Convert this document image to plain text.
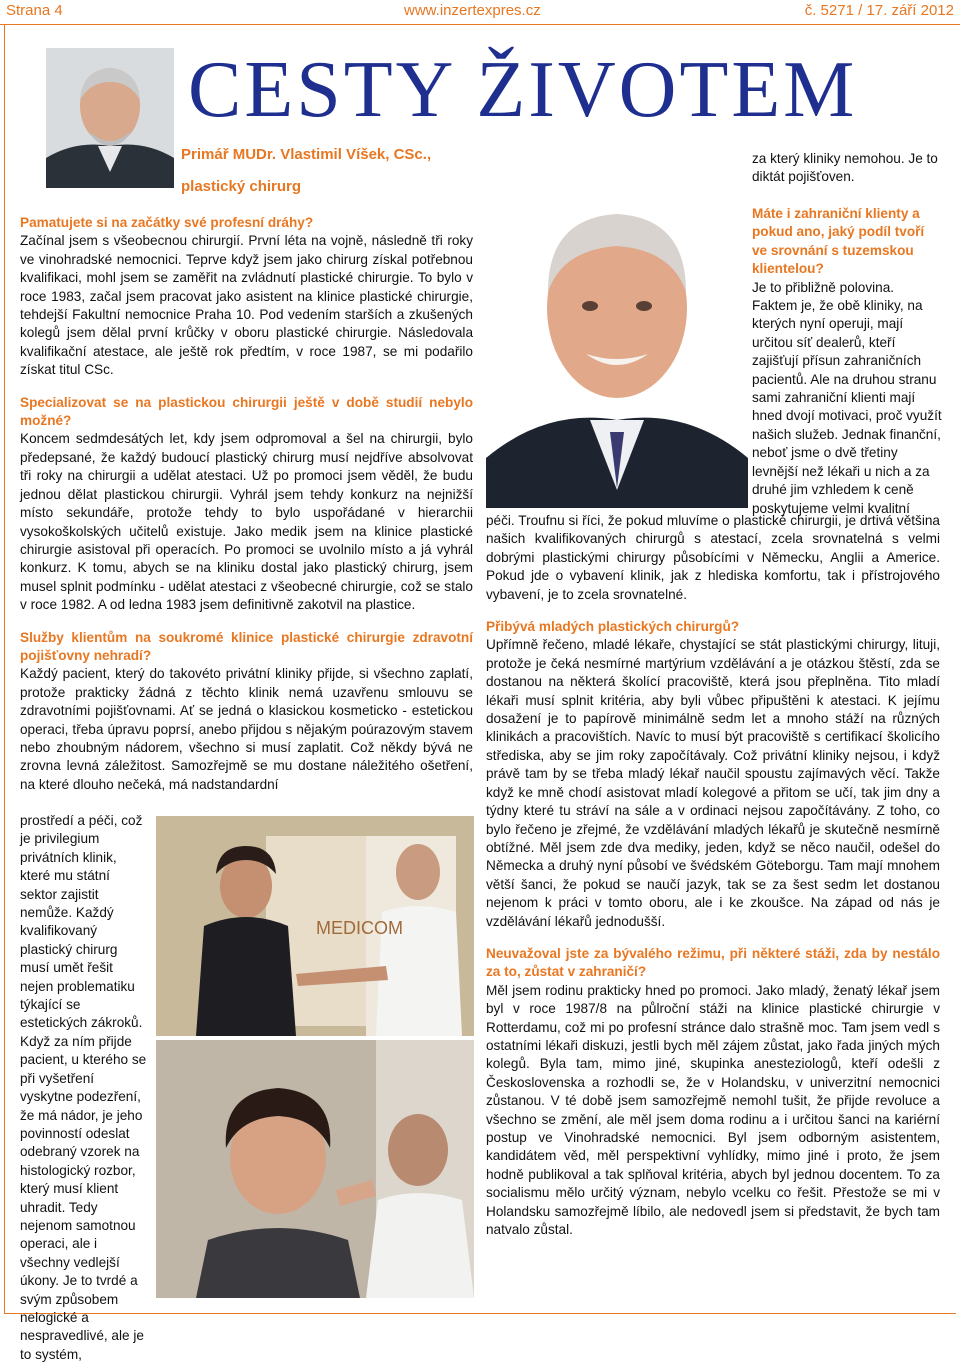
Strana 4	www.inzertexpres.cz	č. 5271 / 17. září 2012
CESTY ŽIVOTEM
Primář MUDr. Vlastimil Víšek, CSc.,
plastický chirurg

Pamatujete si na začátky své profesní dráhy?

Začínal jsem s všeobecnou chirurgií. První léta na vojně, následně tři roky ve vinohradské nemocnici. Teprve když jsem jako chirurg získal potřebnou kvalifikaci, mohl jsem se zaměřit na zvládnutí plastické chirurgie. To bylo v roce 1983, začal jsem pracovat jako asistent na klinice plastické chirurgie, tehdejší Fakultní nemocnice Praha 10. Pod vedením starších a zkušených kolegů jsem dělal první krůčky v oboru plastické chirurgie. Následovala kvalifikační atestace, ale ještě rok předtím, v roce 1987, se mi podařilo získat titul CSc.

Specializovat se na plastickou chirurgii ještě v době studií nebylo možné?

Koncem sedmdesátých let, kdy jsem odpromoval a šel na chirurgii, bylo předepsané, že každý budoucí plastický chirurg musí nejdříve absolvovat tři roky na chirurgii a udělat atestaci. Už po promoci jsem věděl, že budu jednou dělat plastickou chirurgii. Vyhrál jsem tehdy konkurz na nejnižší místo sekundáře, protože tehdy to bylo uspořádané v hierarchii vysokoškolských učitelů existuje. Jako medik jsem na klinice plastické chirurgie asistoval při operacích. Po promoci se uvolnilo místo a já vyhrál konkurz. K tomu, abych se na kliniku dostal jako plastický chirurg, jsem musel splnit podmínku - udělat atestaci z všeobecné chirurgie, což se stalo v roce 1982. A od ledna 1983 jsem definitivně zakotvil na plastice.

Služby klientům na soukromé klinice plastické chirurgie zdravotní pojišťovny nehradí?

Každý pacient, který do takovéto privátní kliniky přijde, si všechno zaplatí, protože prakticky žádná z těchto klinik nemá uzavřenu smlouvu se zdravotními pojišťovnami. Ať se jedná o klasickou kosmeticko - estetickou operaci, třeba úpravu poprsí, anebo přijdou s nějakým poúrazovým stavem nebo zhoubným nádorem, všechno si musí zaplatit. Což někdy bývá ne zrovna levná záležitost. Samozřejmě se mu dostane náležitého ošetření, na které dlouho nečeká, má nadstandardní

prostředí a péči, což je privilegium privátních klinik, které mu státní sektor zajistit nemůže. Každý kvalifikovaný plastický chirurg musí umět řešit nejen problematiku týkající se estetických zákroků. Když za ním přijde pacient, u kterého se při vyšetření vyskytne podezření, že má nádor, je jeho povinností odeslat odebraný vzorek na histologický rozbor, který musí klient uhradit. Tedy nejenom samotnou operaci, ale i všechny vedlejší úkony. Je to tvrdé a svým způsobem nelogické a nespravedlivé, ale je to systém,
MEDICOM
za který kliniky nemohou. Je to diktát pojišťoven.

Máte i zahraniční klienty a pokud ano, jaký podíl tvoří ve srovnání s tuzemskou klientelou?

Je to přibližně polovina. Faktem je, že obě kliniky, na kterých nyní operuji, mají určitou síť dealerů, kteří zajišťují přísun zahraničních pacientů. Ale na druhou stranu sami zahraniční klienti mají hned dvojí motivaci, proč využít našich služeb. Jednak finanční, neboť jsme o dvě třetiny levnější než lékaři u nich a za druhé jim vzhledem k ceně poskytujeme velmi kvalitní

péči. Troufnu si říci, že pokud mluvíme o plastické chirurgii, je drtivá většina našich kvalifikovaných chirurgů s atestací, zcela srovnatelná s velmi dobrými plastickými chirurgy působícími v Německu, Anglii a Americe. Pokud jde o vybavení klinik, jak z hlediska komfortu, tak i přístrojového vybavení, je to zcela srovnatelné.

Přibývá mladých plastických chirurgů?

Upřímně řečeno, mladé lékaře, chystající se stát plastickými chirurgy, lituji, protože je čeká nesmírné martýrium vzdělávání a je otázkou štěstí, zda se dostanou na některá školící pracoviště, která jsou přeplněna. Tito mladí lékaři musí splnit kritéria, aby byli vůbec připuštěni k atestaci. K jejímu dosažení je to papírově minimálně sedm let a mnoho stáží na různých klinikách a pracovištích. Navíc to musí být pracoviště s certifikací školicího střediska, aby se jim roky započítávaly. Což privátní kliniky nejsou, i když právě tam by se třeba mladý lékař naučil spoustu zajímavých věcí. Takže když ke mně chodí asistovat mladí kolegové a přitom se učí, tak jim dny a týdny které tu stráví na sále a v ordinaci nejsou započítávány. Z toho, co bylo řečeno je zřejmé, že vzdělávání mladých lékařů je skutečně nesmírně obtížné. Měl jsem zde dva mediky, jeden, když se něco naučil, odešel do Německa a druhý nyní působí ve švédském Göteborgu. Tam mají mnohem větší šanci, že pokud se naučí jazyk, tak se za šest sedm let dostanou nejenom k práci v tomto oboru, ale i ke zkoušce. Na západ od nás je vzdělávání lékařů jednodušší.

Neuvažoval jste za bývalého režimu, při některé stáži, zda by nestálo za to, zůstat v zahraničí?

Měl jsem rodinu prakticky hned po promoci. Jako mladý, ženatý lékař jsem byl v roce 1987/8 na půlroční stáži na klinice plastické chirurgie v Rotterdamu, což mi po profesní stránce dalo strašně moc. Tam jsem vedl s ostatními lékaři diskuzi, jestli bych měl zájem zůstat, jako řada jiných mých kolegů. Byla tam, mimo jiné, skupinka anesteziologů, kteří odešli z Československa a rozhodli se, že v Holandsku, v univerzitní nemocnici zůstanou. V té době jsem samozřejmě nemohl tušit, že přijde revoluce a všechno se změní, ale měl jsem doma rodinu a i určitou šanci na kariérní postup ve Vinohradské nemocnici. Byl jsem odborným asistentem, kandidátem věd, měl perspektivní vyhlídky, mimo jiné i proto, že jsem hodně publikoval a tak splňoval kritéria, abych byl jednou docentem. To za socialismu mělo určitý význam, nebylo vcelku co řešit. Přestože se mi v Holandsku samozřejmě líbilo, ale nedovedl jsem si představit, že bych tam natvalo zůstal.
